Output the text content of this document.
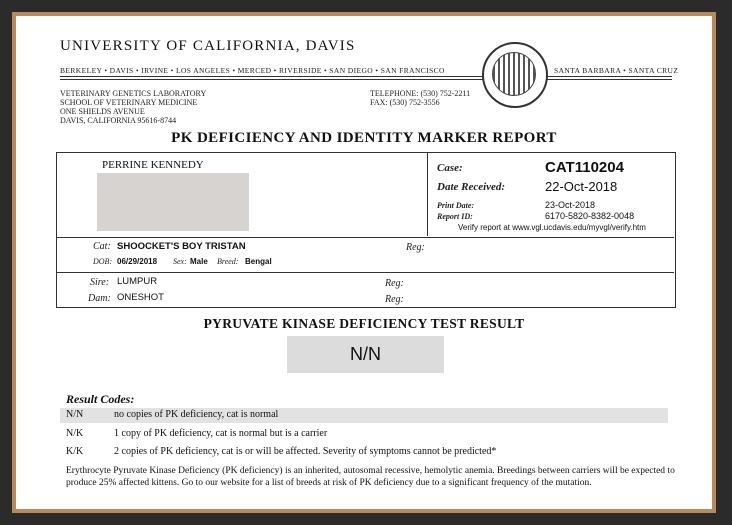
UNIVERSITY OF CALIFORNIA, DAVIS
BERKELEY • DAVIS • IRVINE • LOS ANGELES • MERCED • RIVERSIDE • SAN DIEGO • SAN FRANCISCO	SANTA BARBARA • SANTA CRUZ
VETERINARY GENETICS LABORATORY
SCHOOL OF VETERINARY MEDICINE
ONE SHIELDS AVENUE
DAVIS, CALIFORNIA 95616-8744
TELEPHONE: (530) 752-2211
FAX: (530) 752-3556
PK DEFICIENCY AND IDENTITY MARKER REPORT
PERRINE KENNEDY	Case:	CAT110204
Date Received:	22-Oct-2018
Print Date:	23-Oct-2018
Report ID:	6170-5820-8382-0048
Verify report at www.vgl.ucdavis.edu/myvgl/verify.htm
Cat: SHOOCKET'S BOY TRISTAN	Reg:
DOB: 06/29/2018 Sex: Male Breed: Bengal
Sire: LUMPUR	Reg:
Dam: ONESHOT	Reg:
PYRUVATE KINASE DEFICIENCY TEST RESULT
N/N
Result Codes:
N/N	no copies of PK deficiency, cat is normal
N/K	1 copy of PK deficiency, cat is normal but is a carrier
K/K	2 copies of PK deficiency, cat is or will be affected. Severity of symptoms cannot be predicted*
Erythrocyte Pyruvate Kinase Deficiency (PK deficiency) is an inherited, autosomal recessive, hemolytic anemia. Breedings between carriers will be expected to produce 25% affected kittens. Go to our website for a list of breeds at risk of PK deficiency due to a significant frequency of the mutation.
